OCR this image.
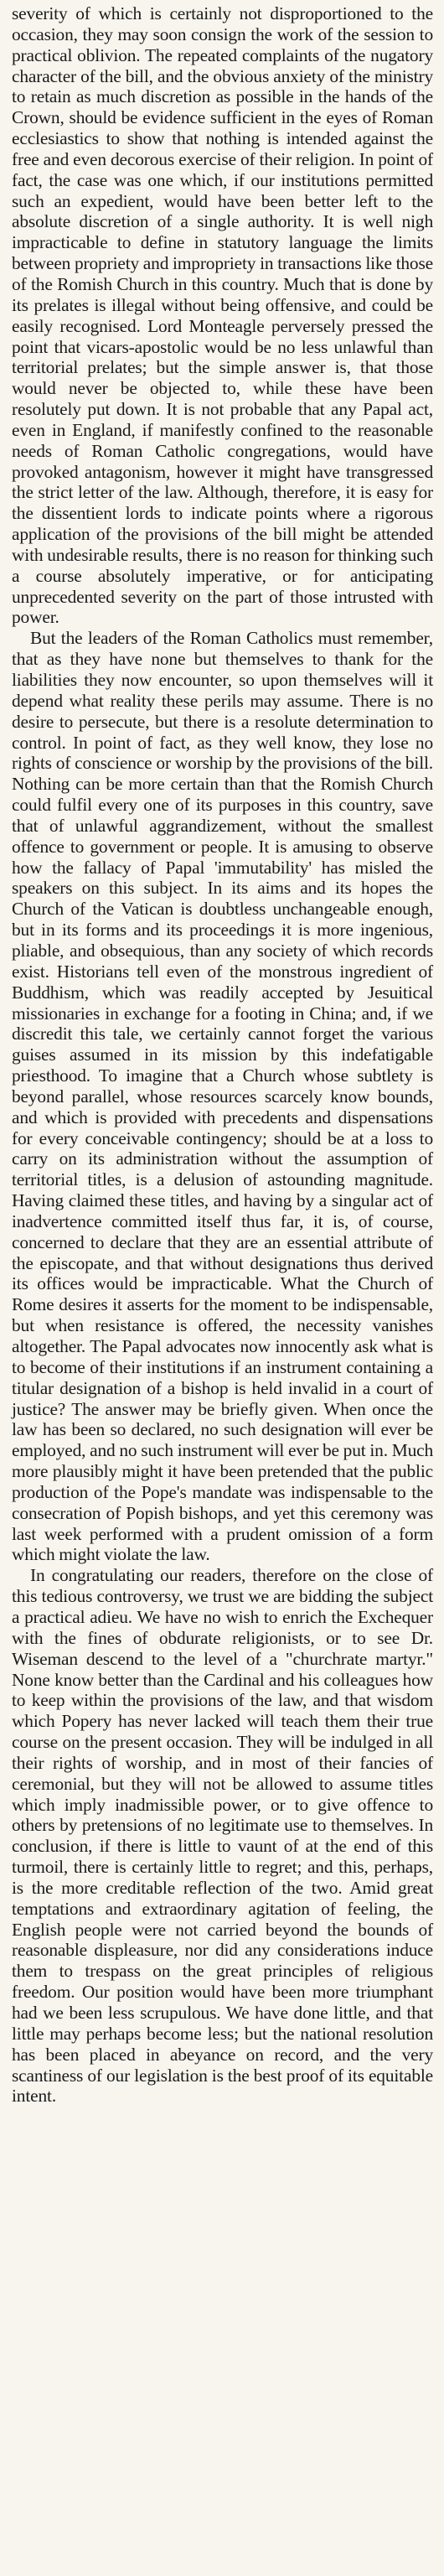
severity of which is certainly not disproportioned to the occasion, they may soon consign the work of the session to practical oblivion. The repeated complaints of the nugatory character of the bill, and the obvious anxiety of the ministry to retain as much discretion as possible in the hands of the Crown, should be evidence sufficient in the eyes of Roman ecclesiastics to show that nothing is intended against the free and even decorous exercise of their religion. In point of fact, the case was one which, if our institutions permitted such an expedient, would have been better left to the absolute discretion of a single authority. It is well nigh impracticable to define in statutory language the limits between propriety and impropriety in transactions like those of the Romish Church in this country. Much that is done by its prelates is illegal without being offensive, and could be easily recognised. Lord Monteagle perversely pressed the point that vicars-apostolic would be no less unlawful than territorial prelates; but the simple answer is, that those would never be objected to, while these have been resolutely put down. It is not probable that any Papal act, even in England, if manifestly confined to the reasonable needs of Roman Catholic congregations, would have provoked antagonism, however it might have transgressed the strict letter of the law. Although, therefore, it is easy for the dissentient lords to indicate points where a rigorous application of the provisions of the bill might be attended with undesirable results, there is no reason for thinking such a course absolutely imperative, or for anticipating unprecedented severity on the part of those intrusted with power.

But the leaders of the Roman Catholics must remember, that as they have none but themselves to thank for the liabilities they now encounter, so upon themselves will it depend what reality these perils may assume. There is no desire to persecute, but there is a resolute determination to control. In point of fact, as they well know, they lose no rights of conscience or worship by the provisions of the bill. Nothing can be more certain than that the Romish Church could fulfil every one of its purposes in this country, save that of unlawful aggrandizement, without the smallest offence to government or people. It is amusing to observe how the fallacy of Papal 'immutability' has misled the speakers on this subject. In its aims and its hopes the Church of the Vatican is doubtless unchangeable enough, but in its forms and its proceedings it is more ingenious, pliable, and obsequious, than any society of which records exist. Historians tell even of the monstrous ingredient of Buddhism, which was readily accepted by Jesuitical missionaries in exchange for a footing in China; and, if we discredit this tale, we certainly cannot forget the various guises assumed in its mission by this indefatigable priesthood. To imagine that a Church whose subtlety is beyond parallel, whose resources scarcely know bounds, and which is provided with precedents and dispensations for every conceivable contingency; should be at a loss to carry on its administration without the assumption of territorial titles, is a delusion of astounding magnitude. Having claimed these titles, and having by a singular act of inadvertence committed itself thus far, it is, of course, concerned to declare that they are an essential attribute of the episcopate, and that without designations thus derived its offices would be impracticable. What the Church of Rome desires it asserts for the moment to be indispensable, but when resistance is offered, the necessity vanishes altogether. The Papal advocates now innocently ask what is to become of their institutions if an instrument containing a titular designation of a bishop is held invalid in a court of justice? The answer may be briefly given. When once the law has been so declared, no such designation will ever be employed, and no such instrument will ever be put in. Much more plausibly might it have been pretended that the public production of the Pope's mandate was indispensable to the consecration of Popish bishops, and yet this ceremony was last week performed with a prudent omission of a form which might violate the law.

In congratulating our readers, therefore on the close of this tedious controversy, we trust we are bidding the subject a practical adieu. We have no wish to enrich the Exchequer with the fines of obdurate religionists, or to see Dr. Wiseman descend to the level of a "churchrate martyr." None know better than the Cardinal and his colleagues how to keep within the provisions of the law, and that wisdom which Popery has never lacked will teach them their true course on the present occasion. They will be indulged in all their rights of worship, and in most of their fancies of ceremonial, but they will not be allowed to assume titles which imply inadmissible power, or to give offence to others by pretensions of no legitimate use to themselves. In conclusion, if there is little to vaunt of at the end of this turmoil, there is certainly little to regret; and this, perhaps, is the more creditable reflection of the two. Amid great temptations and extraordinary agitation of feeling, the English people were not carried beyond the bounds of reasonable displeasure, nor did any considerations induce them to trespass on the great principles of religious freedom. Our position would have been more triumphant had we been less scrupulous. We have done little, and that little may perhaps become less; but the national resolution has been placed in abeyance on record, and the very scantiness of our legislation is the best proof of its equitable intent.
